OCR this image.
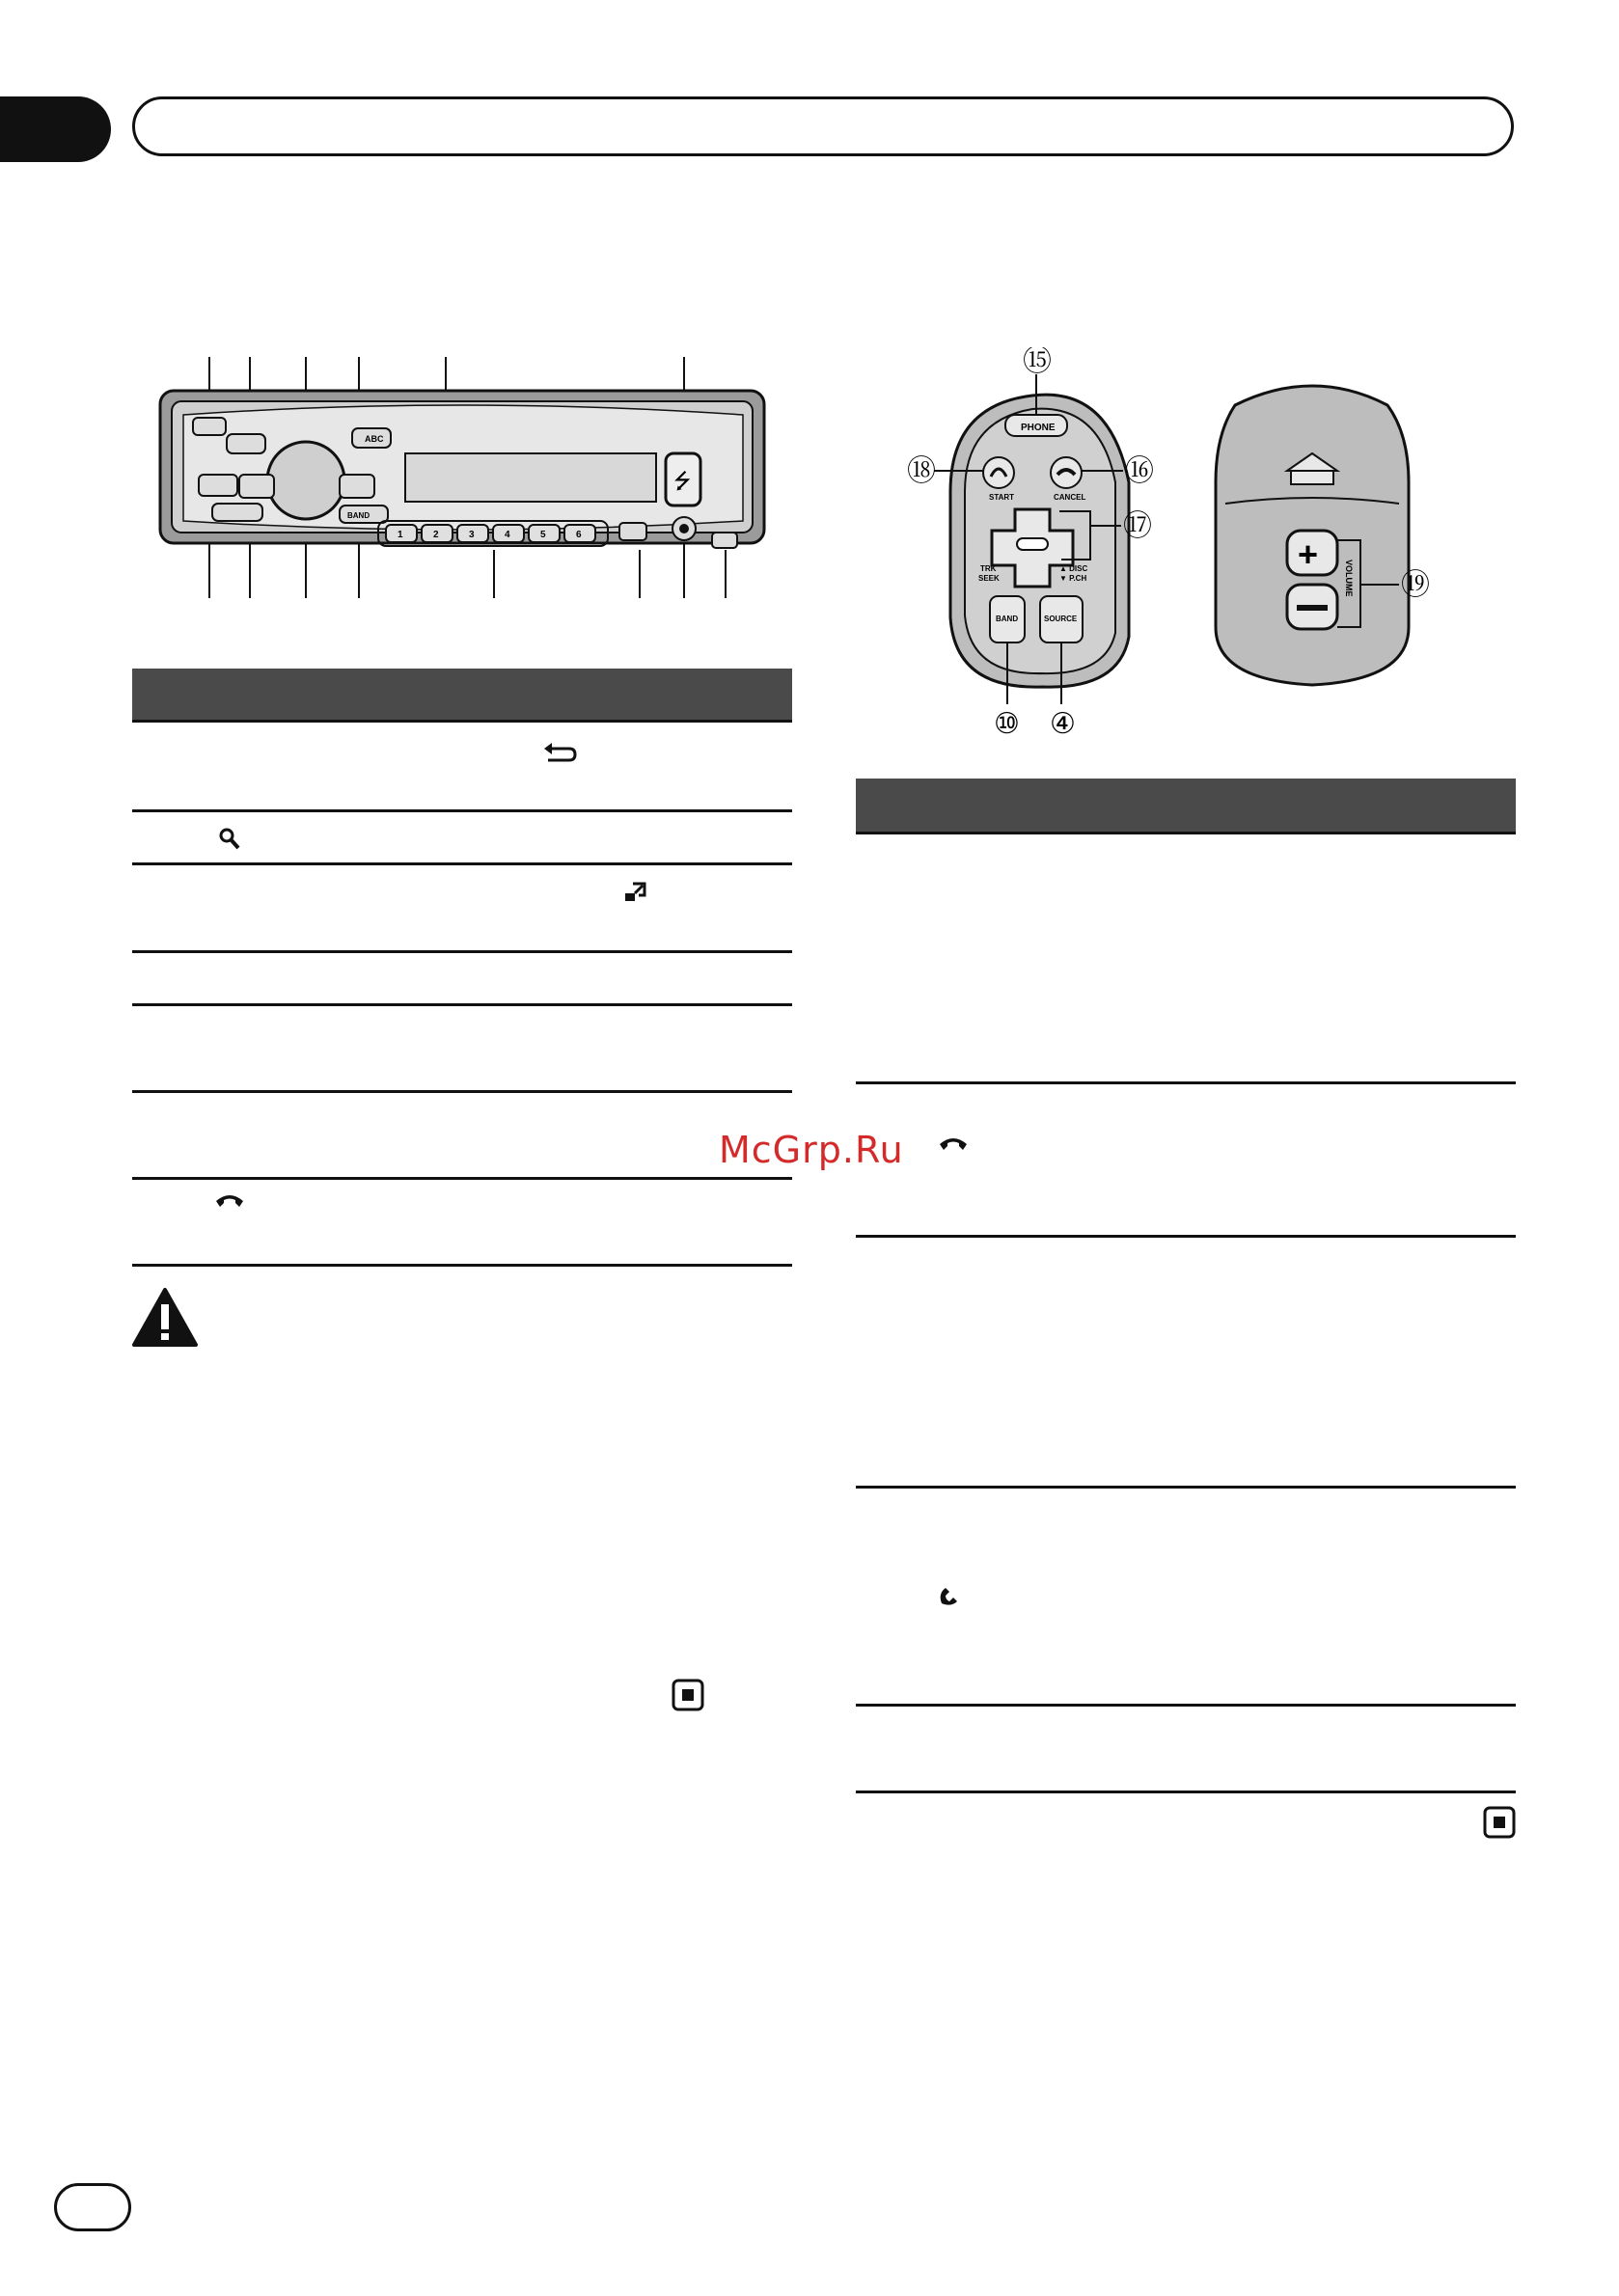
ABC
BAND
1	2	3	4	5	6
⭍
PHONE
START	CANCEL
TRK
SEEK
▲ DISC
▼ P.CH
BAND	SOURCE
⑮
⑱	⑯
⑰
⑩ ④
+
VOLUME ⑲
McGrp.Ru
